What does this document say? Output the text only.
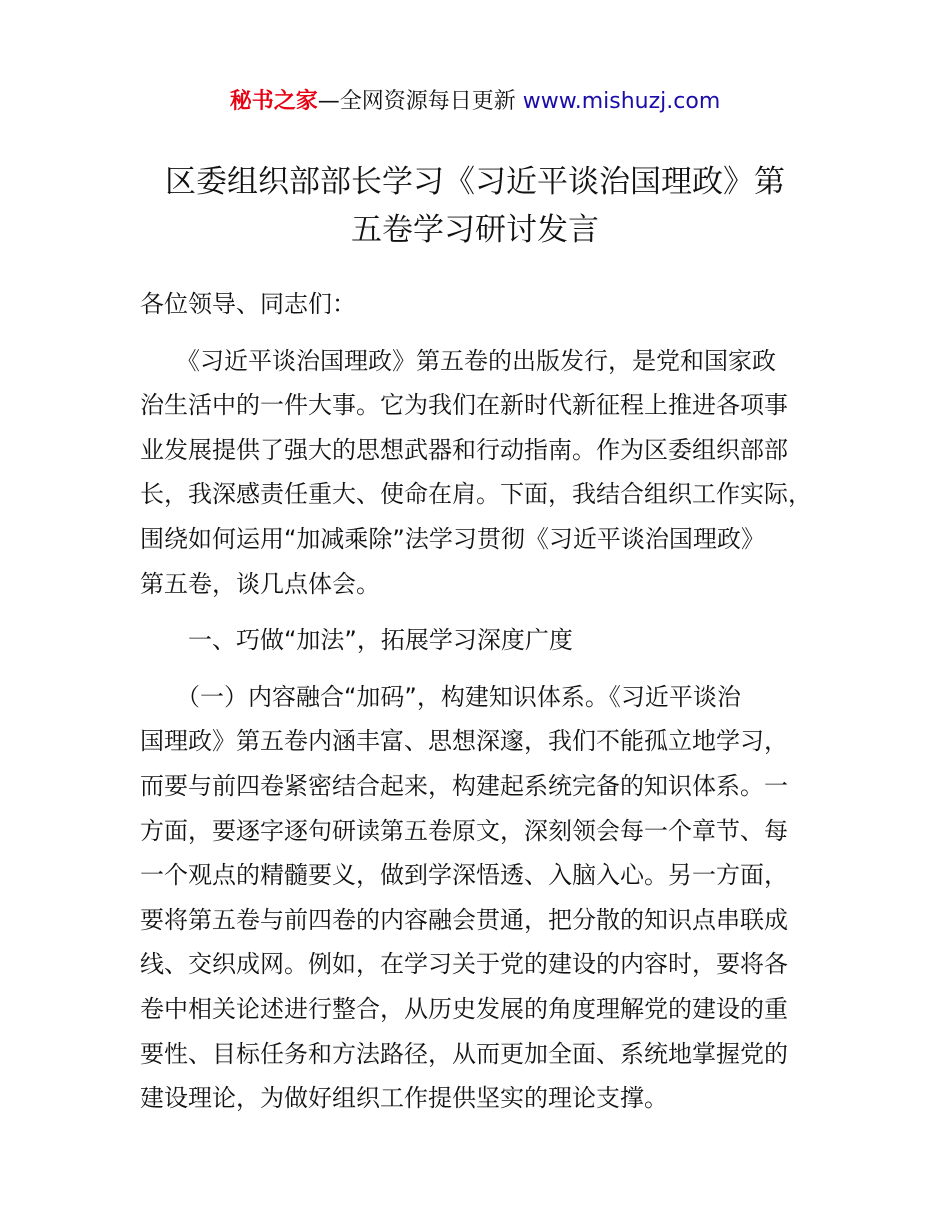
秘书之家—全网资源每日更新 www.mishuzj.com
区委组织部部长学习《习近平谈治国理政》第
五卷学习研讨发言

各位领导、同志们：

　　《习近平谈治国理政》第五卷的出版发行，是党和国家政
治生活中的一件大事。它为我们在新时代新征程上推进各项事
业发展提供了强大的思想武器和行动指南。作为区委组织部部
长，我深感责任重大、使命在肩。下面，我结合组织工作实际，
围绕如何运用“加减乘除”法学习贯彻《习近平谈治国理政》
第五卷，谈几点体会。

　　一、巧做“加法”，拓展学习深度广度

　　（一）内容融合“加码”，构建知识体系。《习近平谈治
国理政》第五卷内涵丰富、思想深邃，我们不能孤立地学习，
而要与前四卷紧密结合起来，构建起系统完备的知识体系。一
方面，要逐字逐句研读第五卷原文，深刻领会每一个章节、每
一个观点的精髓要义，做到学深悟透、入脑入心。另一方面，
要将第五卷与前四卷的内容融会贯通，把分散的知识点串联成
线、交织成网。例如，在学习关于党的建设的内容时，要将各
卷中相关论述进行整合，从历史发展的角度理解党的建设的重
要性、目标任务和方法路径，从而更加全面、系统地掌握党的
建设理论，为做好组织工作提供坚实的理论支撑。
